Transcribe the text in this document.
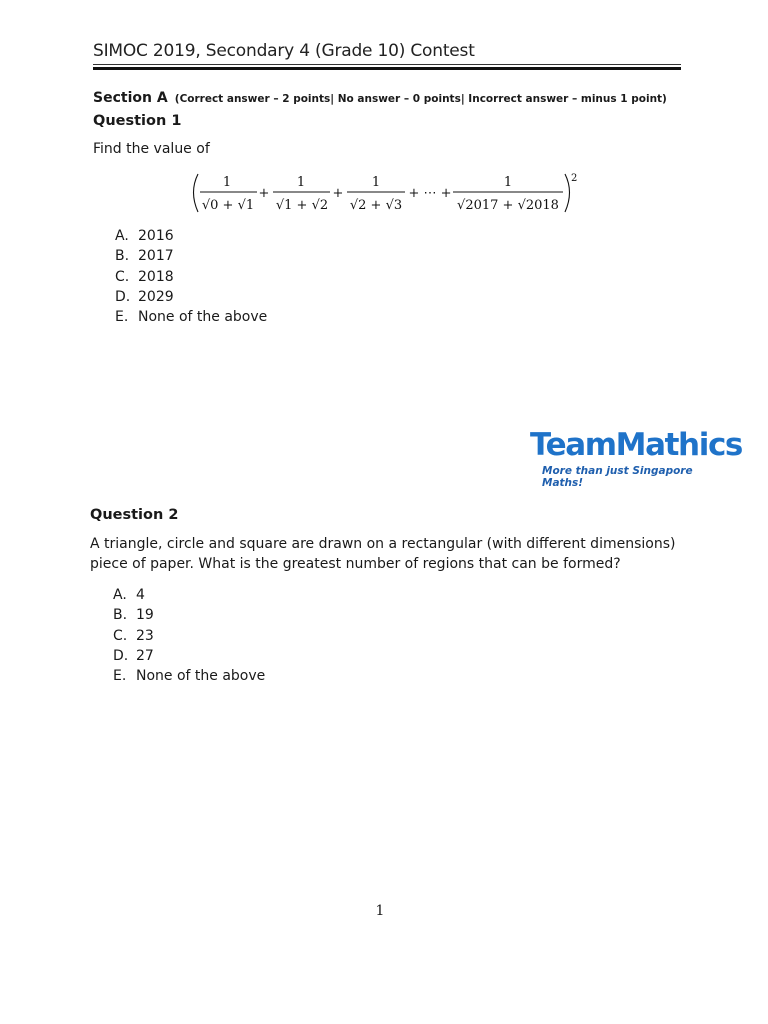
SIMOC 2019, Secondary 4 (Grade 10) Contest
Section A (Correct answer – 2 points| No answer – 0 points| Incorrect answer – minus 1 point)
Question 1
Find the value of
1
√0 + √1
+
1
√1 + √2
+
1
√2 + √3
+ ⋯ +
1
√2017 + √2018
2
A. 2016
B. 2017
C. 2018
D. 2029
E. None of the above
TeamMathics
More than just Singapore Maths!
Question 2
A triangle, circle and square are drawn on a rectangular (with different dimensions)
piece of paper. What is the greatest number of regions that can be formed?
A. 4
B. 19
C. 23
D. 27
E. None of the above
1
